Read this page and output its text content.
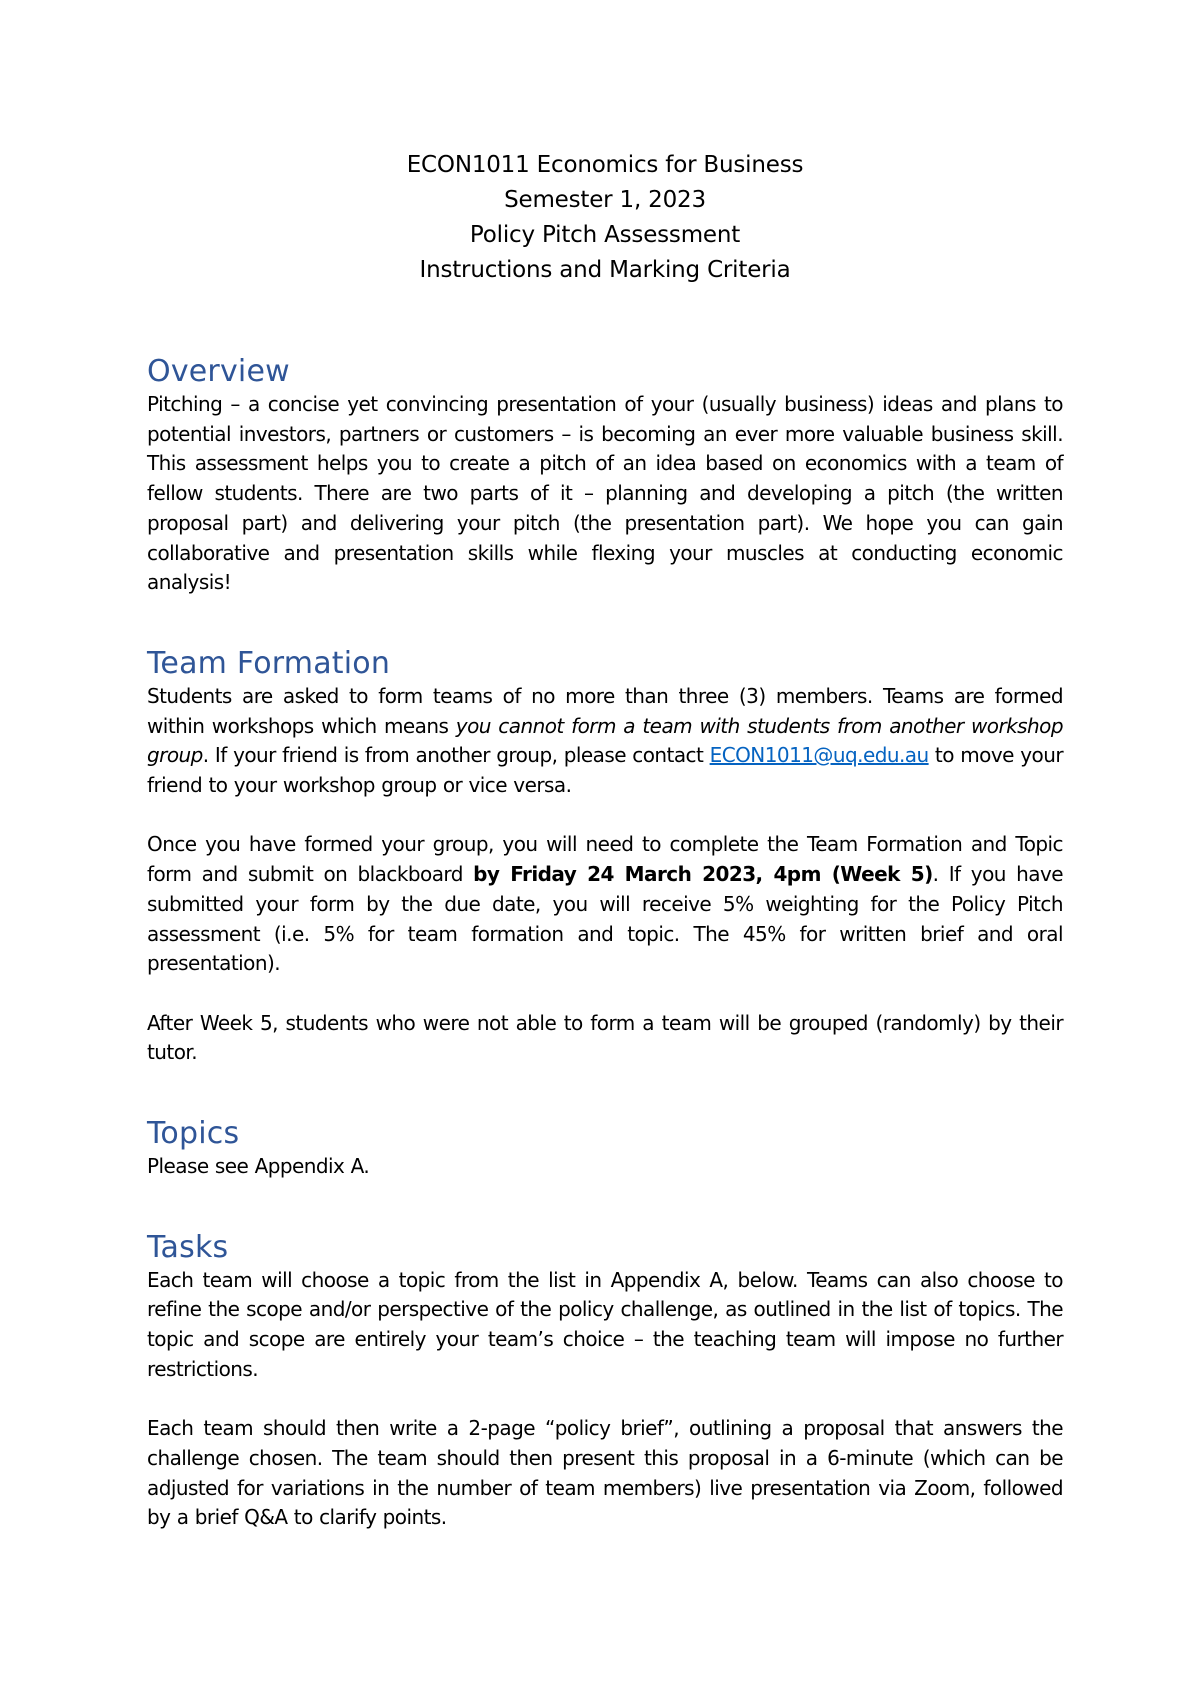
ECON1011 Economics for Business
Semester 1, 2023
Policy Pitch Assessment
Instructions and Marking Criteria
Overview

Pitching – a concise yet convincing presentation of your (usually business) ideas and plans to potential investors, partners or customers – is becoming an ever more valuable business skill. This assessment helps you to create a pitch of an idea based on economics with a team of fellow students. There are two parts of it – planning and developing a pitch (the written proposal part) and delivering your pitch (the presentation part). We hope you can gain collaborative and presentation skills while flexing your muscles at conducting economic analysis!

Team Formation

Students are asked to form teams of no more than three (3) members. Teams are formed within workshops which means you cannot form a team with students from another workshop group. If your friend is from another group, please contact ECON1011@uq.edu.au to move your friend to your workshop group or vice versa.

Once you have formed your group, you will need to complete the Team Formation and Topic form and submit on blackboard by Friday 24 March 2023, 4pm (Week 5). If you have submitted your form by the due date, you will receive 5% weighting for the Policy Pitch assessment (i.e. 5% for team formation and topic. The 45% for written brief and oral presentation).

After Week 5, students who were not able to form a team will be grouped (randomly) by their tutor.

Topics

Please see Appendix A.

Tasks

Each team will choose a topic from the list in Appendix A, below. Teams can also choose to refine the scope and/or perspective of the policy challenge, as outlined in the list of topics. The topic and scope are entirely your team’s choice – the teaching team will impose no further restrictions.

Each team should then write a 2-page “policy brief”, outlining a proposal that answers the challenge chosen. The team should then present this proposal in a 6-minute (which can be adjusted for variations in the number of team members) live presentation via Zoom, followed by a brief Q&A to clarify points.
